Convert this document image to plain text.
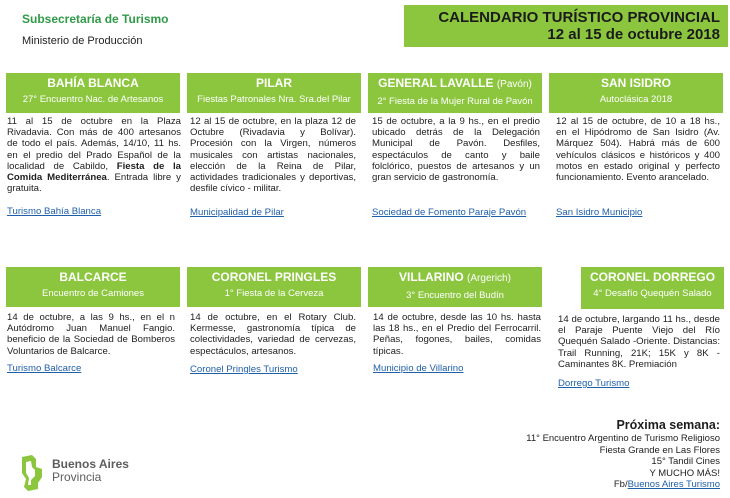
Subsecretaría de Turismo
Ministerio de Producción
CALENDARIO TURÍSTICO PROVINCIAL
12 al 15 de octubre 2018
BAHÍA BLANCA
27° Encuentro Nac. de Artesanos
11 al 15 de octubre en la Plaza Rivadavia. Con más de 400 artesanos de todo el país. Además, 14/10, 11 hs. en el predio del Prado Español de la localidad de Cabildo, Fiesta de la Comida Mediterránea. Entrada libre y gratuita.
Turismo Bahía Blanca
PILAR
Fiestas Patronales Nra. Sra.del Pilar
12 al 15 de octubre, en la plaza 12 de Octubre (Rivadavia y Bolívar). Procesión con la Virgen, números musicales con artistas nacionales, elección de la Reina de Pilar, actividades tradicionales y deportivas, desfile cívico - militar.
Municipalidad de Pilar
GENERAL LAVALLE (Pavón)
2° Fiesta de la Mujer Rural de Pavón
15 de octubre, a la 9 hs., en el predio ubicado detrás de la Delegación Municipal de Pavón. Desfiles, espectáculos de canto y baile folclórico, puestos de artesanos y un gran servicio de gastronomía.
Sociedad de Fomento Paraje Pavón
SAN ISIDRO
Autoclásica 2018
12 al 15 de octubre, de 10 a 18 hs., en el Hipódromo de San Isidro (Av. Márquez 504). Habrá más de 600 vehículos clásicos e históricos y 400 motos en estado original y perfecto funcionamiento. Evento arancelado.
San Isidro Municipio
BALCARCE
Encuentro de Camiones
14 de octubre, a las 9 hs., en el n Autódromo Juan Manuel Fangio. beneficio de la Sociedad de Bomberos Voluntarios de Balcarce.
Turismo Balcarce
CORONEL PRINGLES
1° Fiesta de la Cerveza
14 de octubre, en el Rotary Club. Kermesse, gastronomía típica de colectividades, variedad de cervezas, espectáculos, artesanos.
Coronel Pringles Turismo
VILLARINO (Argerich)
3° Encuentro del Budín
14 de octubre, desde las 10 hs. hasta las 18 hs., en el Predio del Ferrocarril. Peñas, fogones, bailes, comidas típicas.
Municipio de Villarino
CORONEL DORREGO
4° Desafío Quequén Salado
14 de octubre, largando 11 hs., desde el Paraje Puente Viejo del Río Quequén Salado -Oriente. Distancias: Trail Running, 21K; 15K y 8K - Caminantes 8K. Premiación
Dorrego Turismo
Buenos Aires
Provincia
Próxima semana:
11° Encuentro Argentino de Turismo Religioso
Fiesta Grande en Las Flores
15° Tandil Cines
Y MUCHO MÁS!
Fb/Buenos Aires Turismo
